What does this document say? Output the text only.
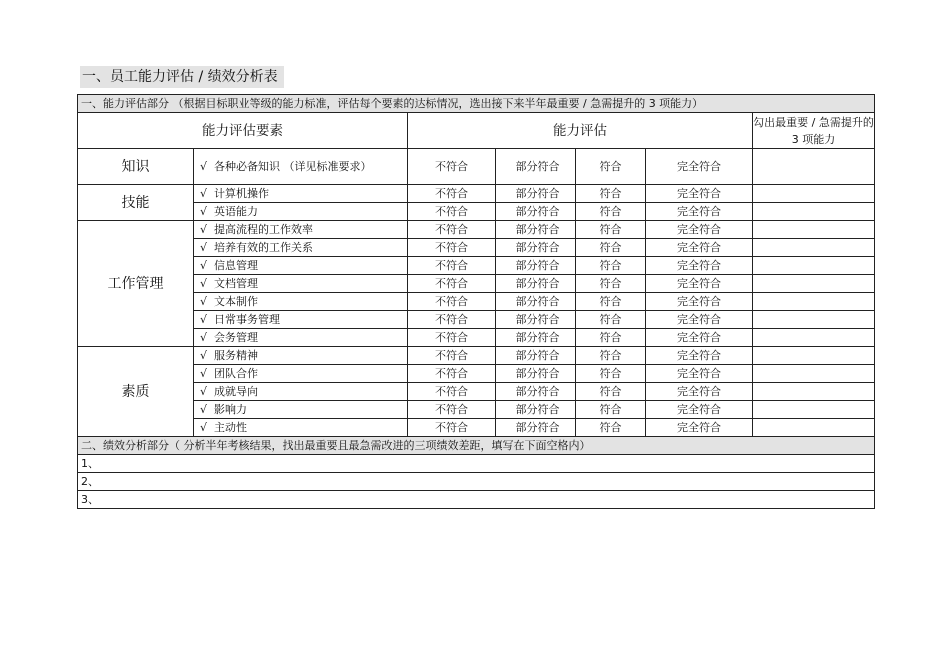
一、员工能力评估 / 绩效分析表
一、能力评估部分 （根据目标职业等级的能力标准，评估每个要素的达标情况，选出接下来半年最重要 / 急需提升的 3 项能力）						
能力评估要素		能力评估				勾出最重要 / 急需提升的 3 项能力
知识	√ 各种必备知识 （详见标准要求）	不符合	部分符合	符合	完全符合	
技能	√ 计算机操作	不符合	部分符合	符合	完全符合	
	√ 英语能力	不符合	部分符合	符合	完全符合	
工作管理	√ 提高流程的工作效率	不符合	部分符合	符合	完全符合	
	√ 培养有效的工作关系	不符合	部分符合	符合	完全符合	
	√ 信息管理	不符合	部分符合	符合	完全符合	
	√ 文档管理	不符合	部分符合	符合	完全符合	
	√ 文本制作	不符合	部分符合	符合	完全符合	
	√ 日常事务管理	不符合	部分符合	符合	完全符合	
	√ 会务管理	不符合	部分符合	符合	完全符合	
素质	√ 服务精神	不符合	部分符合	符合	完全符合	
	√ 团队合作	不符合	部分符合	符合	完全符合	
	√ 成就导向	不符合	部分符合	符合	完全符合	
	√ 影响力	不符合	部分符合	符合	完全符合	
	√ 主动性	不符合	部分符合	符合	完全符合	
二、绩效分析部分（ 分析半年考核结果，找出最重要且最急需改进的三项绩效差距，填写在下面空格内）						
1、						
2、						
3、						
